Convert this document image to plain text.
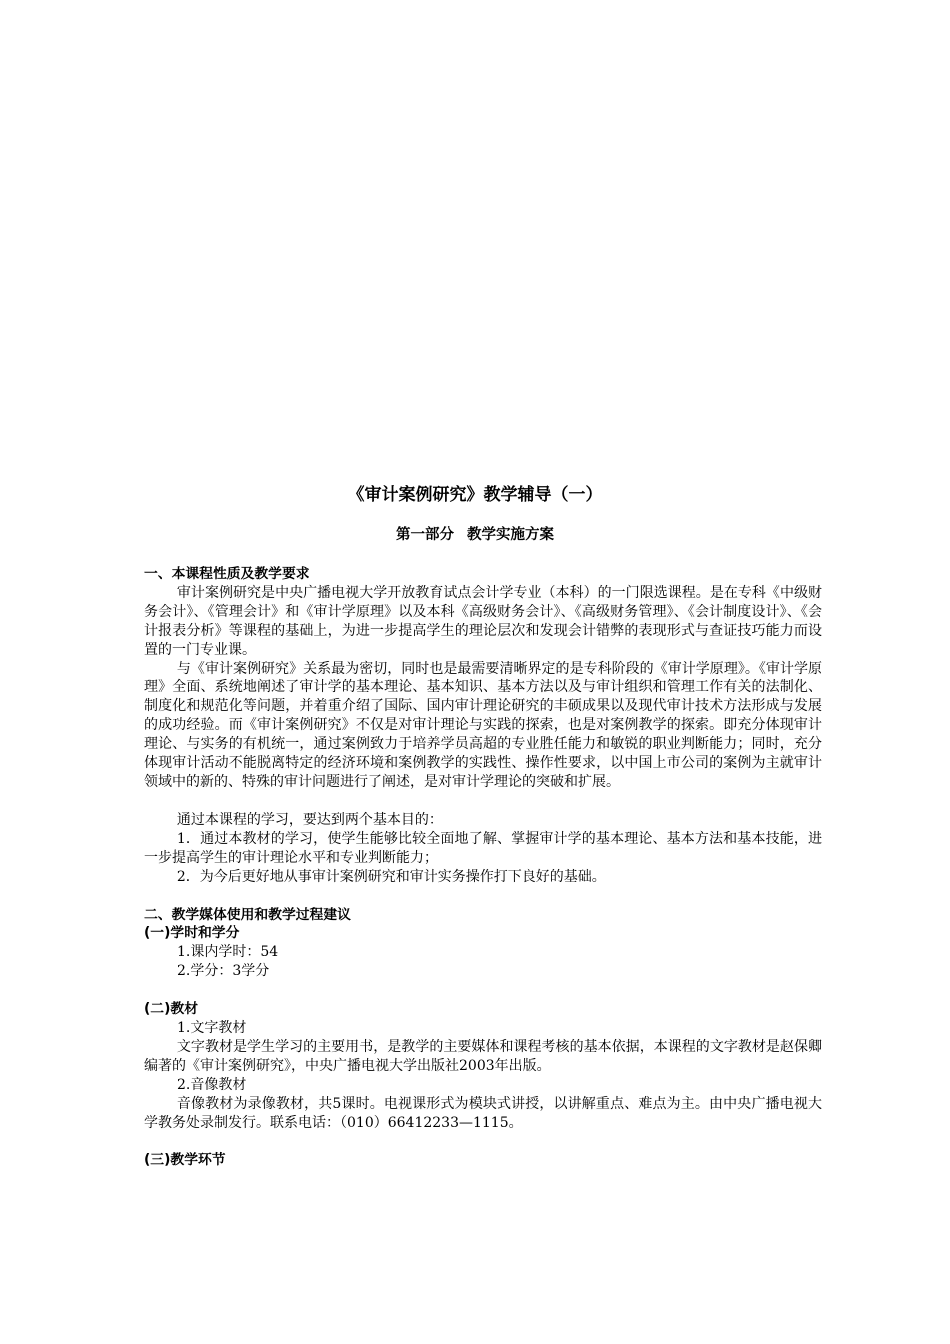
《审计案例研究》教学辅导（一）
第一部分 教学实施方案

一、本课程性质及教学要求

审计案例研究是中央广播电视大学开放教育试点会计学专业（本科）的一门限选课程。是在专科《中级财务会计》、《管理会计》和《审计学原理》以及本科《高级财务会计》、《高级财务管理》、《会计制度设计》、《会计报表分析》等课程的基础上，为进一步提高学生的理论层次和发现会计错弊的表现形式与查证技巧能力而设置的一门专业课。

与《审计案例研究》关系最为密切，同时也是最需要清晰界定的是专科阶段的《审计学原理》。《审计学原理》全面、系统地阐述了审计学的基本理论、基本知识、基本方法以及与审计组织和管理工作有关的法制化、制度化和规范化等问题，并着重介绍了国际、国内审计理论研究的丰硕成果以及现代审计技术方法形成与发展的成功经验。而《审计案例研究》不仅是对审计理论与实践的探索，也是对案例教学的探索。即充分体现审计理论、与实务的有机统一，通过案例致力于培养学员高超的专业胜任能力和敏锐的职业判断能力；同时，充分体现审计活动不能脱离特定的经济环境和案例教学的实践性、操作性要求，以中国上市公司的案例为主就审计领域中的新的、特殊的审计问题进行了阐述，是对审计学理论的突破和扩展。

通过本课程的学习，要达到两个基本目的：

1．通过本教材的学习，使学生能够比较全面地了解、掌握审计学的基本理论、基本方法和基本技能，进一步提高学生的审计理论水平和专业判断能力；

2．为今后更好地从事审计案例研究和审计实务操作打下良好的基础。

二、教学媒体使用和教学过程建议

(一)学时和学分

1.课内学时：54

2.学分：3学分

(二)教材

1.文字教材

文字教材是学生学习的主要用书，是教学的主要媒体和课程考核的基本依据，本课程的文字教材是赵保卿编著的《审计案例研究》，中央广播电视大学出版社2003年出版。

2.音像教材

音像教材为录像教材，共5课时。电视课形式为模块式讲授，以讲解重点、难点为主。由中央广播电视大学教务处录制发行。联系电话：（010）66412233—1115。

(三)教学环节
